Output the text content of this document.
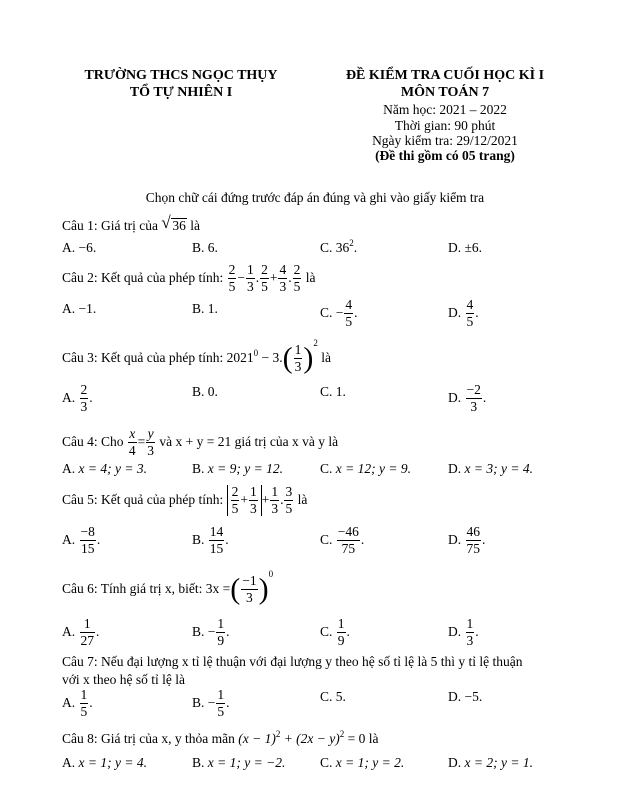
TRƯỜNG THCS NGỌC THỤY
TỔ TỰ NHIÊN I
ĐỀ KIỂM TRA CUỐI HỌC KÌ I
MÔN TOÁN 7
Năm học: 2021 – 2022
Thời gian: 90 phút
Ngày kiểm tra: 29/12/2021
(Đề thi gồm có 05 trang)
Chọn chữ cái đứng trước đáp án đúng và ghi vào giấy kiểm tra
Câu 1: Giá trị của √ 36 là
A. −6.	B. 6.	C. $36^2$.	D. ±6.
Câu 2: Kết quả của phép tính: $\frac{2}{5} - \frac{1}{3}$ . $\frac{2}{5} + \frac{4}{3}$ . $\frac{2}{5}$ là
A. −1.	B. 1.	C. − $\frac{4}{5}$ .	D. $\frac{4}{5}$ .
Câu 3: Kết quả của phép tính: $2021^0 - 3.( \frac{1}{3} )^2$ là
A. $\frac{2}{3}$ .	B. 0.	C. 1.	D. $\frac{-2}{3}$ .
Câu 4: Cho $\frac{x}{4} = \frac{y}{3}$ và x + y = 21 giá trị của x và y là
A. x = 4; y = 3.	B. x = 9; y = 12.	C. x = 12; y = 9.	D. x = 3; y = 4.
Câu 5: Kết quả của phép tính: $\frac{2}{5} + \frac{1}{3} + \frac{1}{3}$ . $\frac{3}{5}$ là
A. $\frac{-8}{15}$ .	B. $\frac{14}{15}$ .	C. $\frac{-46}{75}$ .	D. $\frac{46}{75}$ .
Câu 6: Tính giá trị x, biết: 3x =( $\frac{-1}{3} )^0$
A. $\frac{1}{27}$ .	B. − $\frac{1}{9}$ .	C. $\frac{1}{9}$ .	D. $\frac{1}{3}$ .
Câu 7: Nếu đại lượng x tỉ lệ thuận với đại lượng y theo hệ số tỉ lệ là 5 thì y tỉ lệ thuận
với x theo hệ số tỉ lệ là
A. $\frac{1}{5}$ .	B. − $\frac{1}{5}$ .	C. 5.	D. −5.
Câu 8: Giá trị của x, y thỏa mãn $(x - 1)^2 + (2x - y)^2 = 0$ là
A. x = 1; y = 4.	B. x = 1; y = −2.	C. x = 1; y = 2.	D. x = 2; y = 1.
